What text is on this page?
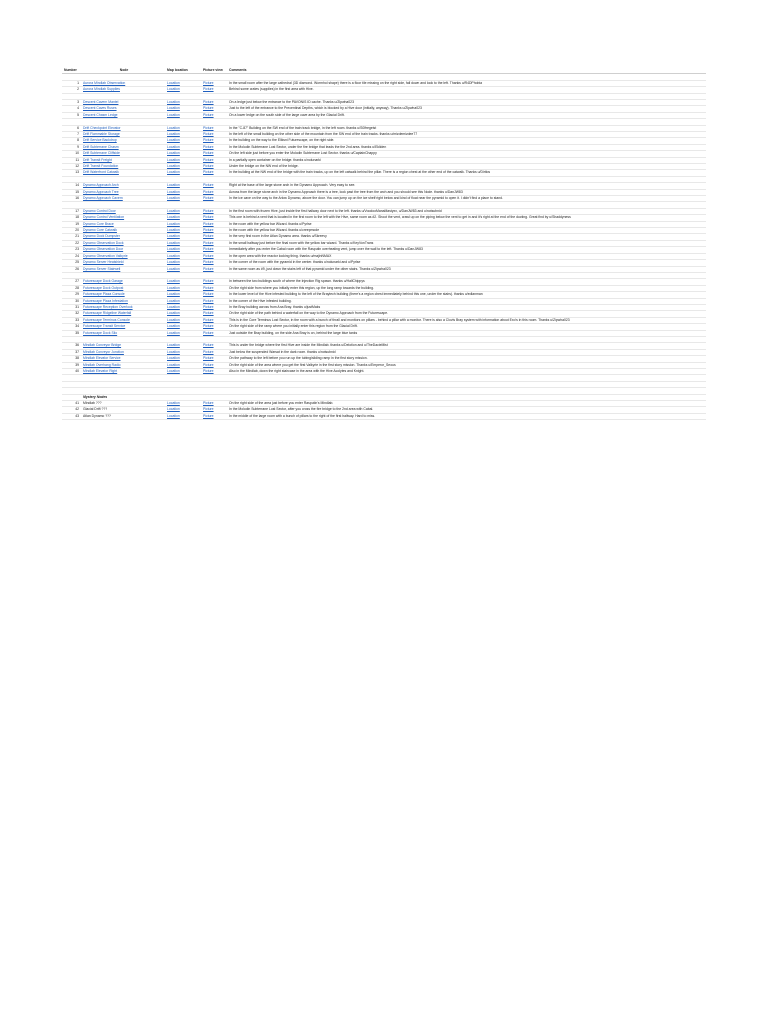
Number	Node	Map location	Picture view	Comments

1	Aurora Mindlab Observation	Location	Picture	In the small room after the large cathedral (3D diamond. Wormhol shape) there is a floor tile missing on the right side, fall down and look to the left. Thanks u/R4DPhobia
2	Aurora Mindlab Supplies	Location	Picture	Behind some crates (supplies) in the first area with Hive.

3	Descent Cavern Mantel	Location	Picture	On a ledge just below the entrance to the PAVONIS ID cache. Thanks u/Zipwha023
4	Descent Caves Ruses	Location	Picture	Just to the left of the entrance to the Precentinal Depths, which is blocked by a Hive door (initially, anyway). Thanks u/Zipwha023
5	Descent Chasm Ledge	Location	Picture	On a lower ledge on the south side of the large cave area by the Glacial Drift.

6	Drift Checkpoint Elevator	Location	Picture	In the "C-87" Building on the SW end of the train track bridge, in the left room. thanks u/S0lfregeist
7	Drift Flammable Storage	Location	Picture	In the left of the small building on the other side of the mountain from the SW end of the train tracks. thanks u/mizdemizdee77
8	Drift Service Backdrop	Location	Picture	In the building on the way to the Eliksni Futurescape, on the right side.
9	Drift Subterrane Chasm	Location	Picture	In the Molodin Subterrane Lost Sector, under the fire bridge that leads the the 2nd area. thanks u/Ekliden
10	Drift Subterrane Cliffside	Location	Picture	On the left side just before you enter the Molodin Subterrane Lost Sector. thanks u/CaptainChappy
11	Drift Transit Freight	Location	Picture	In a partially open container on the bridge. thanks u/nolunarki
12	Drift Transit Foundation	Location	Picture	Under the bridge on the NW end of the bridge.
13	Drift Waterfront Catwalk	Location	Picture	In the building at the NW end of the bridge with the train tracks, up on the left catwalk behind the pillar. There is a region chest at the other end of the catwalk. Thanks u/Dirtlos

14	Dynamo Approach Arch	Location	Picture	Right at the base of the large stone arch in the Dynamo Approach. Very easy to see.
15	Dynamo Approach Tree	Location	Picture	Across from the large stone arch in the Dynamo Approach there is a tree, look past the tree from the arch and you should see this Node. thanks u/DanJW83
16	Dynamo Approach Cavern	Location	Picture	In the ice cave on the way to the Arlow Dynamo, above the door. You can jump up on the ice shelf right below and kind of float near the pyramid to open it. I didn't find a place to stand.

17	Dynamo Control Door	Location	Picture	In the first room with frozen Hive, just inside the first hallway door next to the left. thanks u/VoodooManaMastyxx, u/DanJW83 and u/notsubnid
18	Dynamo Control Ventilation	Location	Picture	This one is behind a vent that is located in the first room to the left with the Hive, same room as #2. Shoot the vent, crawl up on the piping below the vent to get in and it's right at the end of the ducting. Great find by u/Shaddyness
19	Dynamo Core Brace	Location	Picture	In the room with the yellow bar Wizard. thanks u/Pyrlse
20	Dynamo Core Catwalk	Location	Picture	In the room with the yellow bar Wizard. thanks u/creepmode
21	Dynamo Dock Dumpster	Location	Picture	In the very first room in the Atlan Dynamo area. thanks u/Skreevy
22	Dynamo Observation Dock	Location	Picture	In the small hallway just before the final room with the yellow bar wizard. Thanks u/KeyVonTrans
23	Dynamo Observation Door	Location	Picture	Immediately after you enter the Cabal room with the Rasputin overheating vent, jump over the wall to the left. Thanks u/DanJW83
24	Dynamo Observation Valkyrie	Location	Picture	In the open area with the reactor looking thing. thanks u/majinNMAX
25	Dynamo Server Heatshield	Location	Picture	In the corner of the room with the pyramid in the center. thanks u/nolunarki and u/Pyrlse
26	Dynamo Server Stairwell	Location	Picture	In the same room as #9, just down the stairs left of that pyramid under the other stairs. Thanks u/Zipwha023

27	Futurescape Dock Garage	Location	Picture	In between the two buildings south of where the Injection Rig spawn. thanks u/HallChippys
28	Futurescape Dock Outpost	Location	Picture	On the right side from where you initially enter this region, up the long ramp towards the building.
29	Futurescape Plaza Console	Location	Picture	In the lower level of the Hive infested building to the left of the Braytech building (there's a region chest immediately behind this one, under the stairs). thanks u/edlanman
30	Futurescape Plaza Infestation	Location	Picture	In the corner of the Hive infested building.
31	Futurescape Reception Overlook	Location	Picture	In the Bray building across from Ana Bray. thanks u/justMaks
32	Futurescape Ridgeline Waterfall	Location	Picture	On the right side of the path behind a waterfall on the way to the Dynamo Approach from the Futurescape.
33	Futurescape Terminus Console	Location	Picture	This is in the Core Terminus Lost Sector, in the room with a bunch of thrall and monitors on pillars - behind a pillar with a monitor. There is also a Clovis Bray system with information about Exo's in this room. Thanks u/Zipwha023
34	Futurescape Transit Service	Location	Picture	On the right side of the ramp where you initially enter this region from the Glacial Drift.
35	Futurescape Dock Silo	Location	Picture	Just outside the Bray building, on the side Ana Bray is on, behind the large blue tanks

36	Mindlab Conveyor Bridge	Location	Picture	This is under the bridge where the first Hive are inside the Mindlab. thanks u/Delotion and u/TheDacieMist
37	Mindlab Conveyor Junction	Location	Picture	Just below the suspended Warsat in the dark room. thanks u/notsubnid
38	Mindlab Elevator Service	Location	Picture	On the pathway to the left before you run up the tubing/sliding ramp in the first story mission.
39	Mindlab Overhang Radio	Location	Picture	On the right side of the area where you get the first Valkyrie in the first story mission. Thanks u/Emperor_Seous
40	Mindlab Elevator Right	Location	Picture	Also in the Mindlab, down the right staircase in the area with the Hive Acolytes and Knight.

	Mystery Nodes			
41	Mindlab ???	Location	Picture	On the right side of the area just before you enter Rasputin's Mindlab.
42	Glacial Drift ???	Location	Picture	In the Molodin Subterrane Lost Sector, after you cross the fire bridge to the 2nd area with Cabal.
43	Atlan Dynamo ???	Location	Picture	In the middle of the large room with a bunch of pillars to the right of the first hallway. Hard to miss.
